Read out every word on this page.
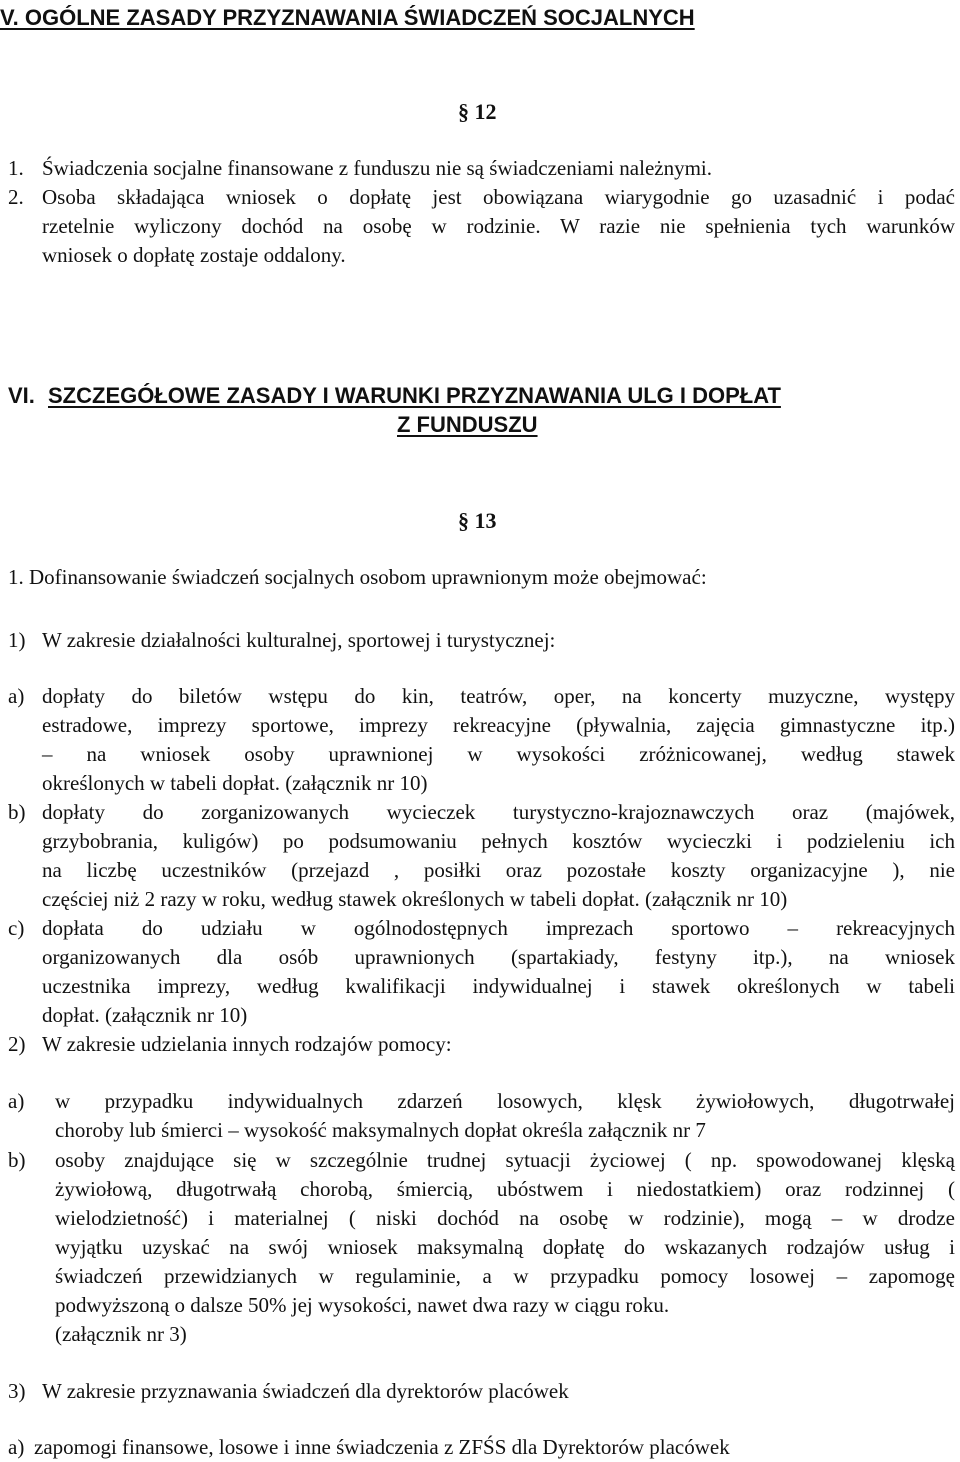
V. OGÓLNE ZASADY PRZYZNAWANIA ŚWIADCZEŃ SOCJALNYCH
§ 12
1. Świadczenia socjalne finansowane z funduszu nie są świadczeniami należnymi.
2. Osoba składająca wniosek o dopłatę jest obowiązana wiarygodnie go uzasadnić i podać
rzetelnie wyliczony dochód na osobę w rodzinie. W razie nie spełnienia tych warunków
wniosek o dopłatę zostaje oddalony.
VI. SZCZEGÓŁOWE ZASADY I WARUNKI PRZYZNAWANIA ULG I DOPŁAT
Z FUNDUSZU
§ 13
1. Dofinansowanie świadczeń socjalnych osobom uprawnionym może obejmować:
1) W zakresie działalności kulturalnej, sportowej i turystycznej:
a) dopłaty do biletów wstępu do kin, teatrów, oper, na koncerty muzyczne, występy
estradowe, imprezy sportowe, imprezy rekreacyjne (pływalnia, zajęcia gimnastyczne itp.)
– na wniosek osoby uprawnionej w wysokości zróżnicowanej, według stawek
określonych w tabeli dopłat. (załącznik nr 10)
b) dopłaty do zorganizowanych wycieczek turystyczno-krajoznawczych oraz (majówek,
grzybobrania, kuligów) po podsumowaniu pełnych kosztów wycieczki i podzieleniu ich
na liczbę uczestników (przejazd , posiłki oraz pozostałe koszty organizacyjne ), nie
częściej niż 2 razy w roku, według stawek określonych w tabeli dopłat. (załącznik nr 10)
c) dopłata do udziału w ogólnodostępnych imprezach sportowo – rekreacyjnych
organizowanych dla osób uprawnionych (spartakiady, festyny itp.), na wniosek
uczestnika imprezy, według kwalifikacji indywidualnej i stawek określonych w tabeli
dopłat. (załącznik nr 10)
2) W zakresie udzielania innych rodzajów pomocy:
a)	w przypadku indywidualnych zdarzeń losowych, klęsk żywiołowych, długotrwałej
choroby lub śmierci – wysokość maksymalnych dopłat określa załącznik nr 7
b)	osoby znajdujące się w szczególnie trudnej sytuacji życiowej ( np. spowodowanej klęską
żywiołową, długotrwałą chorobą, śmiercią, ubóstwem i niedostatkiem) oraz rodzinnej (
wielodzietność) i materialnej ( niski dochód na osobę w rodzinie), mogą – w drodze
wyjątku uzyskać na swój wniosek maksymalną dopłatę do wskazanych rodzajów usług i
świadczeń przewidzianych w regulaminie, a w przypadku pomocy losowej – zapomogę
podwyższoną o dalsze 50% jej wysokości, nawet dwa razy w ciągu roku.
(załącznik nr 3)
3) W zakresie przyznawania świadczeń dla dyrektorów placówek
a) zapomogi finansowe, losowe i inne świadczenia z ZFŚS dla Dyrektorów placówek
